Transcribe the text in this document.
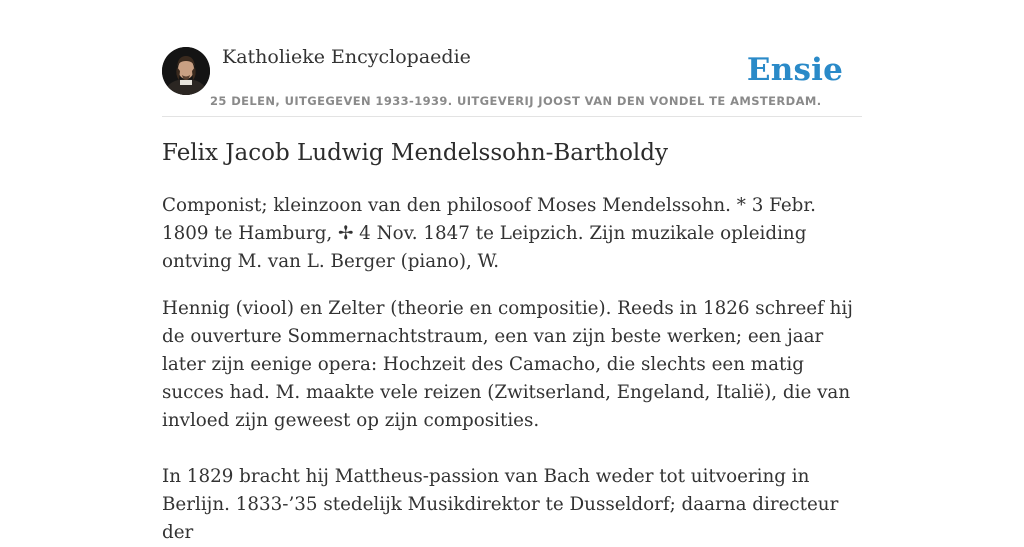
Katholieke Encyclopaedie	Ensie
25 DELEN, UITGEGEVEN 1933-1939. UITGEVERIJ JOOST VAN DEN VONDEL TE AMSTERDAM.
Felix Jacob Ludwig Mendelssohn-Bartholdy

Componist; kleinzoon van den philosoof Moses Mendelssohn. * 3 Febr. 1809 te Hamburg, ✢ 4 Nov. 1847 te Leipzich. Zijn muzikale opleiding ontving M. van L. Berger (piano), W.

Hennig (viool) en Zelter (theorie en compositie). Reeds in 1826 schreef hij de ouverture Sommernachtstraum, een van zijn beste werken; een jaar later zijn eenige opera: Hochzeit des Camacho, die slechts een matig succes had. M. maakte vele reizen (Zwitserland, Engeland, Italië), die van invloed zijn geweest op zijn composities.

In 1829 bracht hij Mattheus-passion van Bach weder tot uitvoering in Berlijn. 1833-’35 stedelijk Musikdirektor te Dusseldorf; daarna directeur der
